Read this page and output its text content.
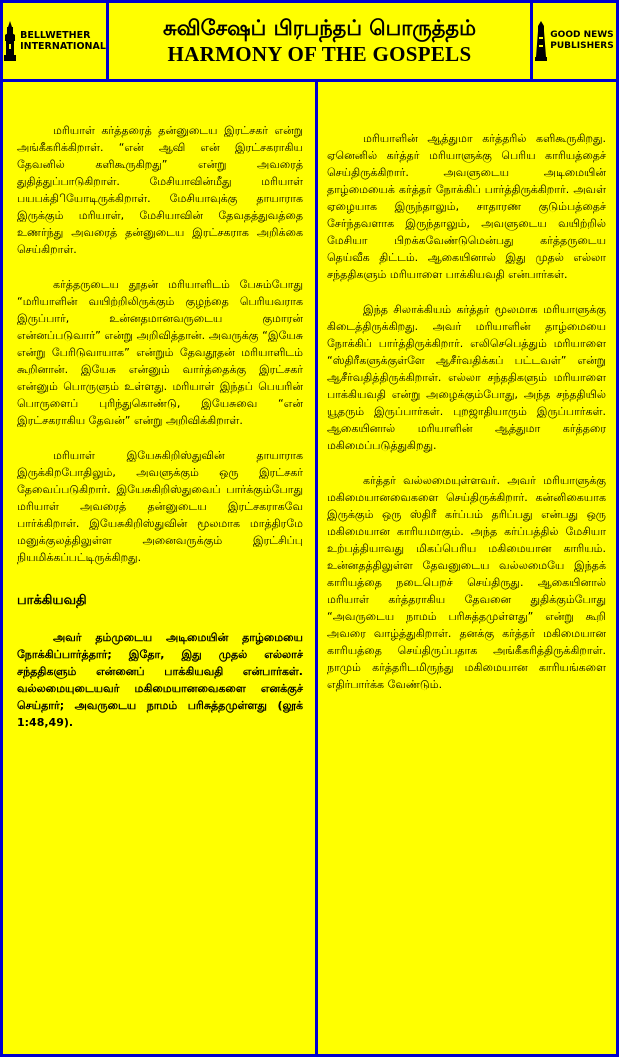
BELLWETHER
INTERNATIONAL
சுவிசேஷப் பிரபந்தப் பொருத்தம்
HARMONY OF THE GOSPELS
GOOD NEWS
PUBLISHERS

மரியாள் கர்த்தரைத் தன்னுடைய இரட்சகர் என்று அங்கீகரிக்கிறாள். “என் ஆவி என் இரட்சகராகிய தேவனில் களிகூருகிறது” என்று அவரைத் துதித்துப்பாடுகிறாள். மேசியாவின்மீது மரியாள் பயபக்திியோடிருக்கிறாள். மேசியாவுக்கு தாயாராக இருக்கும் மரியாள், மேசியாவின் தேவதத்துவத்தை உணர்ந்து அவரைத் தன்னுடைய இரட்சகராக அறிக்கை செய்கிறாள்.

கர்த்தருடைய தூதன் மரியாளிடம் பேசும்போது “மரியாளின் வயிற்றிலிருக்கும் குழந்தை பெரியவராக இருப்பார், உன்னதமானவருடைய குமாரன் என்னப்படுவார்” என்று அறிவித்தான். அவருக்கு “இயேசு என்று பேரிடுவாயாக” என்றும் தேவதூதன் மரியாளிடம் கூறினான். இயேசு என்னும் வார்த்தைக்கு இரட்சகர் என்னும் பொருளும் உள்ளது. மரியாள் இந்தப் பெயரின் பொருளைப் புரிந்துகொண்டு, இயேசுவை “என் இரட்சகராகிய தேவன்” என்று அறிவிக்கிறாள்.

மரியாள் இயேசுகிறிஸ்துவின் தாயாராக இருக்கிறபோதிலும், அவளுக்கும் ஒரு இரட்சகர் தேவைப்படுகிறார். இயேசுகிறிஸ்துவைப் பார்க்கும்போது மரியாள் அவரைத் தன்னுடைய இரட்சகராகவே பார்க்கிறாள். இயேசுகிறிஸ்துவின் மூலமாக மாத்திரமே மனுக்குலத்திலுள்ள அனைவருக்கும் இரட்சிப்பு நியமிக்கப்பட்டிருக்கிறது.

பாக்கியவதி

அவர் தம்முடைய அடிமையின் தாழ்மையை நோக்கிப்பார்த்தார்; இதோ, இது முதல் எல்லாச் சந்ததிகளும் என்னைப் பாக்கியவதி என்பார்கள். வல்லமையுடையவர் மகிமையானவைகளை எனக்குச் செய்தார்; அவருடைய நாமம் பரிசுத்தமுள்ளது (லூக் 1:48,49).

மரியாளின் ஆத்துமா கர்த்தரில் களிகூருகிறது. ஏனெனில் கர்த்தர் மரியாளுக்கு பெரிய காரியத்தைச் செய்திருக்கிறார். அவளுடைய அடிமையின் தாழ்மையைக் கர்த்தர் நோக்கிப் பார்த்திருக்கிறார். அவள் ஏழையாக இருந்தாலும், சாதாரண குடும்பத்தைச் சேர்ந்தவளாக இருந்தாலும், அவளுடைய வயிற்றில் மேசியா பிறக்கவேண்டுமென்பது கர்த்தருடைய தெய்வீக திட்டம். ஆகையினால் இது முதல் எல்லா சந்ததிகளும் மரியாளை பாக்கியவதி என்பார்கள்.

இந்த சிலாக்கியம் கர்த்தர் மூலமாக மரியாளுக்கு கிடைத்திருக்கிறது. அவர் மரியாளின் தாழ்மையை நோக்கிப் பார்த்திருக்கிறார். எலிசெபெத்தும் மரியாளை “ஸ்திரீகளுக்குள்ளே ஆசீர்வதிக்கப் பட்டவள்” என்று ஆசீர்வதித்திருக்கிறாள். எல்லா சந்ததிகளும் மரியாளை பாக்கியவதி என்று அழைக்கும்போது, அந்த சந்ததியில் யூதரும் இருப்பார்கள். புறஜாதியாரும் இருப்பார்கள். ஆகையினால் மரியாளின் ஆத்துமா கர்த்தரை மகிமைப்படுத்துகிறது.

கர்த்தர் வல்லமையுள்ளவர். அவர் மரியாளுக்கு மகிமையானவைகளை செய்திருக்கிறார். கன்னிகையாக இருக்கும் ஒரு ஸ்திரீ கர்ப்பம் தரிப்பது என்பது ஒரு மகிமையான காரியமாகும். அந்த கர்ப்பத்தில் மேசியா உற்பத்தியாவது மிகப்பெரிய மகிமையான காரியம். உன்னதத்திலுள்ள தேவனுடைய வல்லமையே இந்தக் காரியத்தை நடைபெறச் செய்திருது. ஆகையினால் மரியாள் கர்த்தராகிய தேவனை துதிக்கும்போது “அவருடைய நாமம் பரிசுத்தமுள்ளது” என்று கூறி அவரை வாழ்த்துகிறாள். தனக்கு கர்த்தர் மகிமையான காரியத்தை செய்திருப்பதாக அங்கீகரித்திருக்கிறாள். நாமும் கர்த்தரிடமிருந்து மகிமையான காரியங்களை எதிர்பார்க்க வேண்டும்.
